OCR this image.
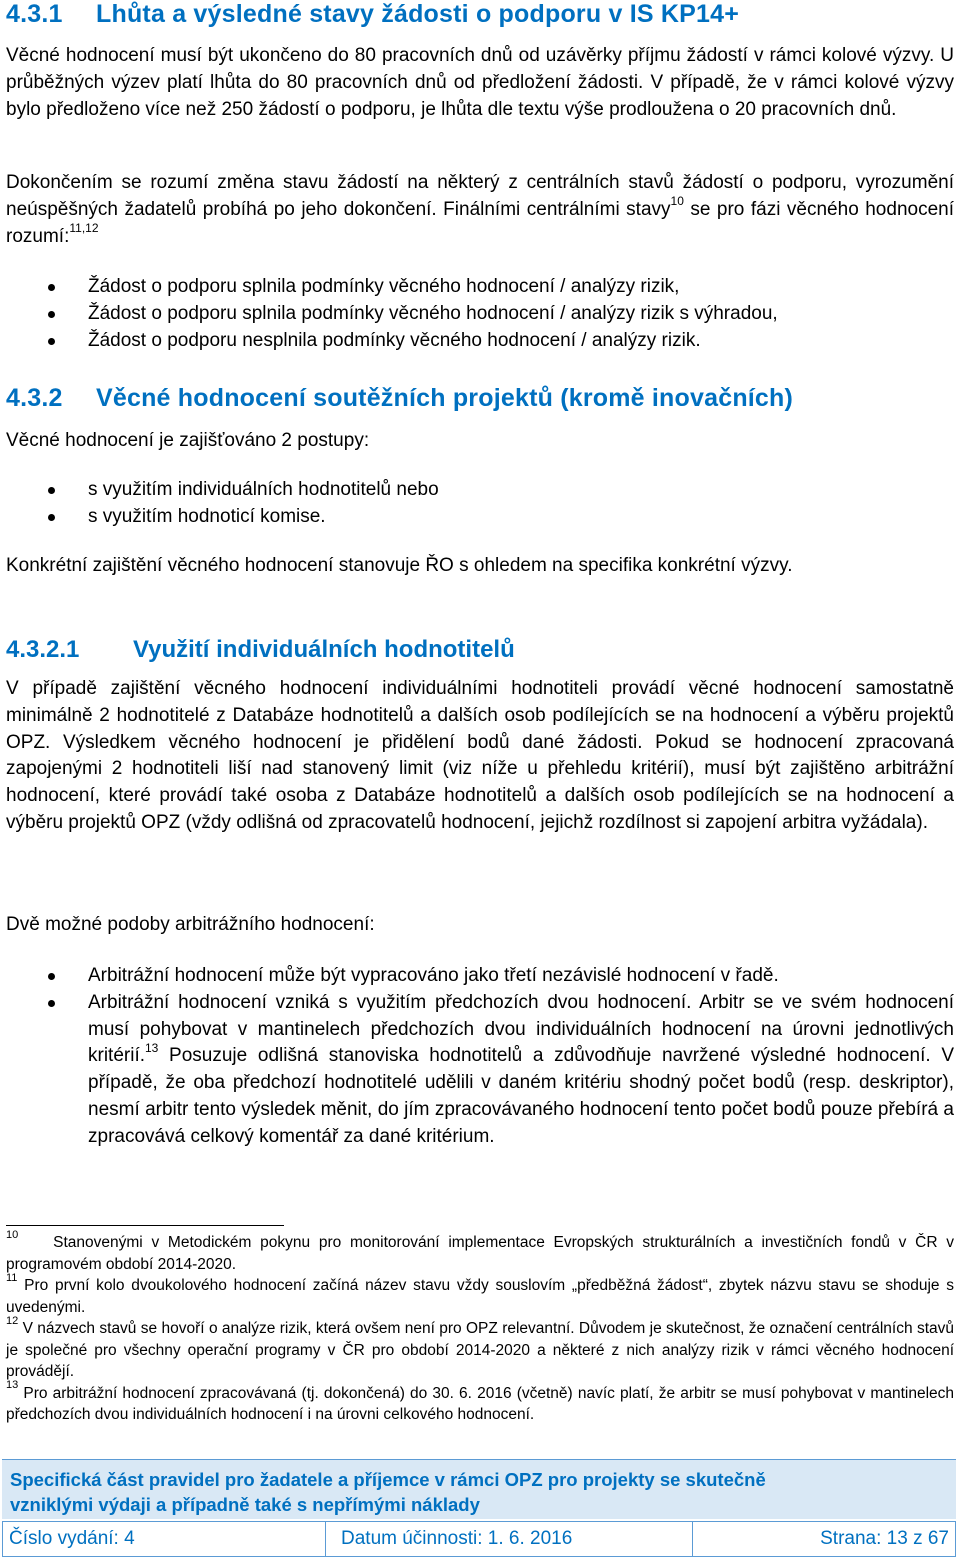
4.3.1 Lhůta a výsledné stavy žádosti o podporu v IS KP14+

Věcné hodnocení musí být ukončeno do 80 pracovních dnů od uzávěrky příjmu žádostí v rámci kolové výzvy. U průběžných výzev platí lhůta do 80 pracovních dnů od předložení žádosti. V případě, že v rámci kolové výzvy bylo předloženo více než 250 žádostí o podporu, je lhůta dle textu výše prodloužena o 20 pracovních dnů.

Dokončením se rozumí změna stavu žádostí na některý z centrálních stavů žádostí o podporu, vyrozumění neúspěšných žadatelů probíhá po jeho dokončení. Finálními centrálními stavy$^{10}$ se pro fázi věcného hodnocení rozumí:$^{11,12}$

Žádost o podporu splnila podmínky věcného hodnocení / analýzy rizik,
Žádost o podporu splnila podmínky věcného hodnocení / analýzy rizik s výhradou,
Žádost o podporu nesplnila podmínky věcného hodnocení / analýzy rizik.
4.3.2 Věcné hodnocení soutěžních projektů (kromě inovačních)

Věcné hodnocení je zajišťováno 2 postupy:

s využitím individuálních hodnotitelů nebo
s využitím hodnoticí komise.

Konkrétní zajištění věcného hodnocení stanovuje ŘO s ohledem na specifika konkrétní výzvy.

4.3.2.1 Využití individuálních hodnotitelů

V případě zajištění věcného hodnocení individuálními hodnotiteli provádí věcné hodnocení samostatně minimálně 2 hodnotitelé z Databáze hodnotitelů a dalších osob podílejících se na hodnocení a výběru projektů OPZ. Výsledkem věcného hodnocení je přidělení bodů dané žádosti. Pokud se hodnocení zpracovaná zapojenými 2 hodnotiteli liší nad stanovený limit (viz níže u přehledu kritérií), musí být zajištěno arbitrážní hodnocení, které provádí také osoba z Databáze hodnotitelů a dalších osob podílejících se na hodnocení a výběru projektů OPZ (vždy odlišná od zpracovatelů hodnocení, jejichž rozdílnost si zapojení arbitra vyžádala).

Dvě možné podoby arbitrážního hodnocení:

Arbitrážní hodnocení může být vypracováno jako třetí nezávislé hodnocení v řadě.
Arbitrážní hodnocení vzniká s využitím předchozích dvou hodnocení. Arbitr se ve svém hodnocení musí pohybovat v mantinelech předchozích dvou individuálních hodnocení na úrovni jednotlivých kritérií.$^{13}$ Posuzuje odlišná stanoviska hodnotitelů a zdůvodňuje navržené výsledné hodnocení. V případě, že oba předchozí hodnotitelé udělili v daném kritériu shodný počet bodů (resp. deskriptor), nesmí arbitr tento výsledek měnit, do jím zpracovávaného hodnocení tento počet bodů pouze přebírá a zpracovává celkový komentář za dané kritérium.

$^{10}$ Stanovenými v Metodickém pokynu pro monitorování implementace Evropských strukturálních a investičních fondů v ČR v programovém období 2014-2020.

$^{11}$ Pro první kolo dvoukolového hodnocení začíná název stavu vždy souslovím „předběžná žádost“, zbytek názvu stavu se shoduje s uvedenými.

$^{12}$ V názvech stavů se hovoří o analýze rizik, která ovšem není pro OPZ relevantní. Důvodem je skutečnost, že označení centrálních stavů je společné pro všechny operační programy v ČR pro období 2014-2020 a některé z nich analýzy rizik v rámci věcného hodnocení provádějí.

$^{13}$ Pro arbitrážní hodnocení zpracovávaná (tj. dokončená) do 30. 6. 2016 (včetně) navíc platí, že arbitr se musí pohybovat v mantinelech předchozích dvou individuálních hodnocení i na úrovni celkového hodnocení.

Specifická část pravidel pro žadatele a příjemce v rámci OPZ pro projekty se skutečně
vzniklými výdaji a případně také s nepřímými náklady
Číslo vydání: 4	Datum účinnosti: 1. 6. 2016	Strana: 13 z 67
